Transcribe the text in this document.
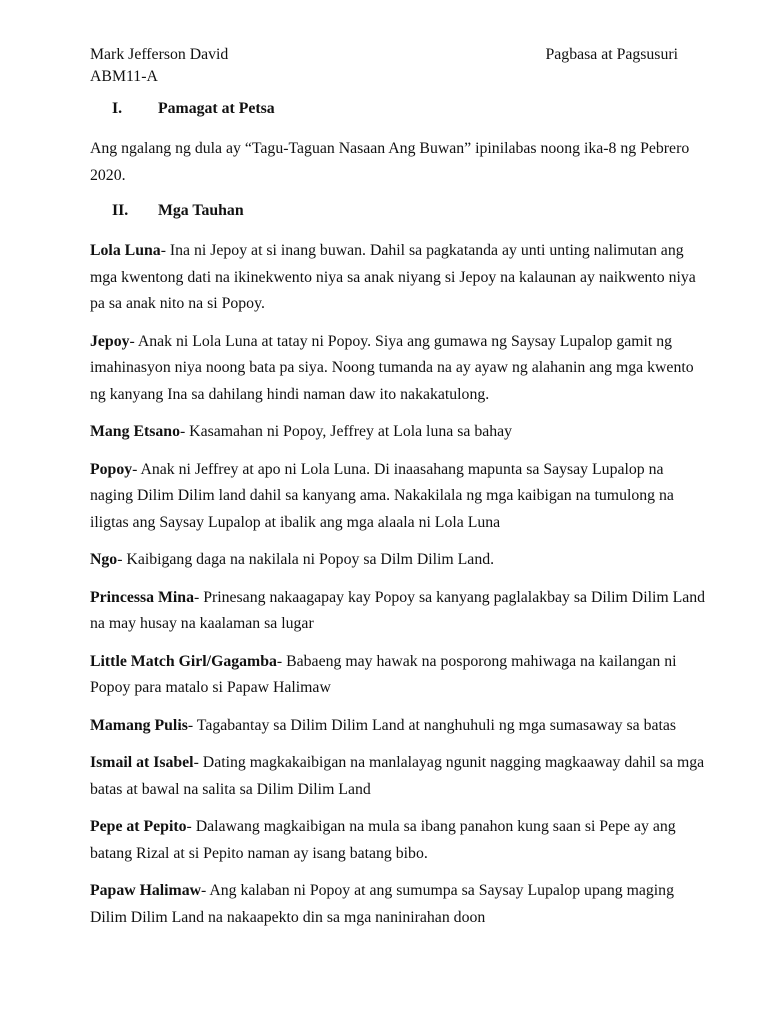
Mark Jefferson David
ABM11-A
Pagbasa at Pagsusuri
I. Pamagat at Petsa
Ang ngalang ng dula ay “Tagu-Taguan Nasaan Ang Buwan” ipinilabas noong ika-8 ng Pebrero
2020.
II. Mga Tauhan
Lola Luna- Ina ni Jepoy at si inang buwan. Dahil sa pagkatanda ay unti unting nalimutan ang
mga kwentong dati na ikinekwento niya sa anak niyang si Jepoy na kalaunan ay naikwento niya
pa sa anak nito na si Popoy.
Jepoy- Anak ni Lola Luna at tatay ni Popoy. Siya ang gumawa ng Saysay Lupalop gamit ng
imahinasyon niya noong bata pa siya. Noong tumanda na ay ayaw ng alahanin ang mga kwento
ng kanyang Ina sa dahilang hindi naman daw ito nakakatulong.
Mang Etsano- Kasamahan ni Popoy, Jeffrey at Lola luna sa bahay
Popoy- Anak ni Jeffrey at apo ni Lola Luna. Di inaasahang mapunta sa Saysay Lupalop na
naging Dilim Dilim land dahil sa kanyang ama. Nakakilala ng mga kaibigan na tumulong na
iligtas ang Saysay Lupalop at ibalik ang mga alaala ni Lola Luna
Ngo- Kaibigang daga na nakilala ni Popoy sa Dilm Dilim Land.
Princessa Mina- Prinesang nakaagapay kay Popoy sa kanyang paglalakbay sa Dilim Dilim Land
na may husay na kaalaman sa lugar
Little Match Girl/Gagamba- Babaeng may hawak na posporong mahiwaga na kailangan ni
Popoy para matalo si Papaw Halimaw
Mamang Pulis- Tagabantay sa Dilim Dilim Land at nanghuhuli ng mga sumasaway sa batas
Ismail at Isabel- Dating magkakaibigan na manlalayag ngunit nagging magkaaway dahil sa mga
batas at bawal na salita sa Dilim Dilim Land
Pepe at Pepito- Dalawang magkaibigan na mula sa ibang panahon kung saan si Pepe ay ang
batang Rizal at si Pepito naman ay isang batang bibo.
Papaw Halimaw- Ang kalaban ni Popoy at ang sumumpa sa Saysay Lupalop upang maging
Dilim Dilim Land na nakaapekto din sa mga naninirahan doon
